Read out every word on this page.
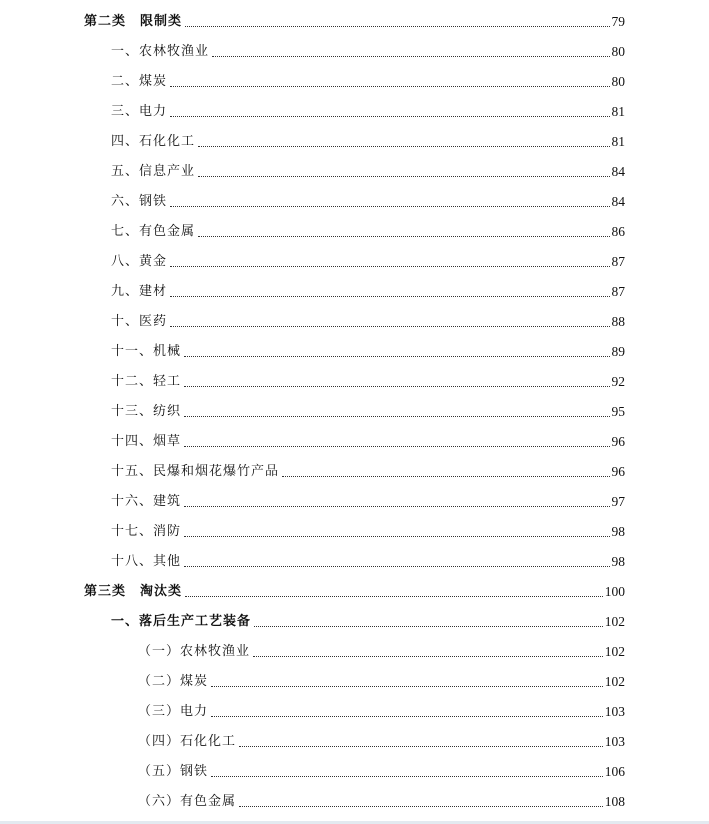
第二类　限制类	79
一、农林牧渔业	80
二、煤炭	80
三、电力	81
四、石化化工	81
五、信息产业	84
六、钢铁	84
七、有色金属	86
八、黄金	87
九、建材	87
十、医药	88
十一、机械	89
十二、轻工	92
十三、纺织	95
十四、烟草	96
十五、民爆和烟花爆竹产品	96
十六、建筑	97
十七、消防	98
十八、其他	98
第三类　淘汰类	100
一、落后生产工艺装备	102
（一）农林牧渔业	102
（二）煤炭	102
（三）电力	103
（四）石化化工	103
（五）钢铁	106
（六）有色金属	108
